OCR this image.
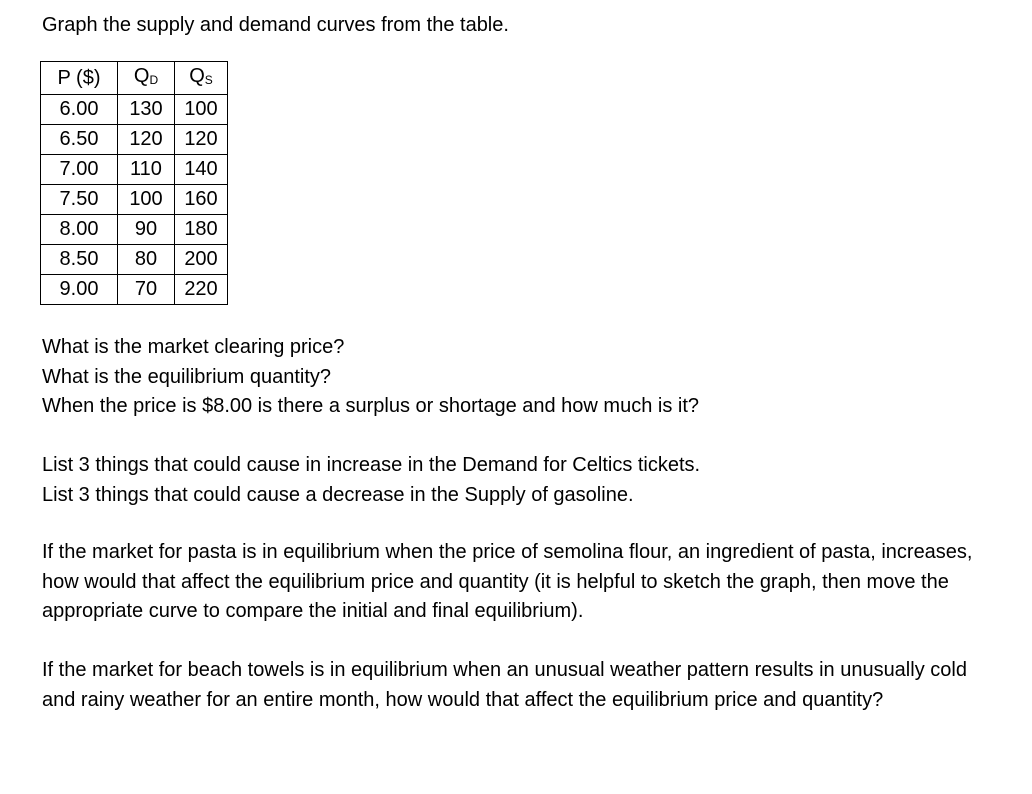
Graph the supply and demand curves from the table.

P ($)	QD	QS
6.00	130	100
6.50	120	120
7.00	110	140
7.50	100	160
8.00	90	180
8.50	80	200
9.00	70	220

What is the market clearing price?

What is the equilibrium quantity?

When the price is $8.00 is there a surplus or shortage and how much is it?

List 3 things that could cause in increase in the Demand for Celtics tickets.

List 3 things that could cause a decrease in the Supply of gasoline.

If the market for pasta is in equilibrium when the price of semolina flour, an ingredient of pasta, increases, how would that affect the equilibrium price and quantity (it is helpful to sketch the graph, then move the appropriate curve to compare the initial and final equilibrium).

If the market for beach towels is in equilibrium when an unusual weather pattern results in unusually cold and rainy weather for an entire month, how would that affect the equilibrium price and quantity?
